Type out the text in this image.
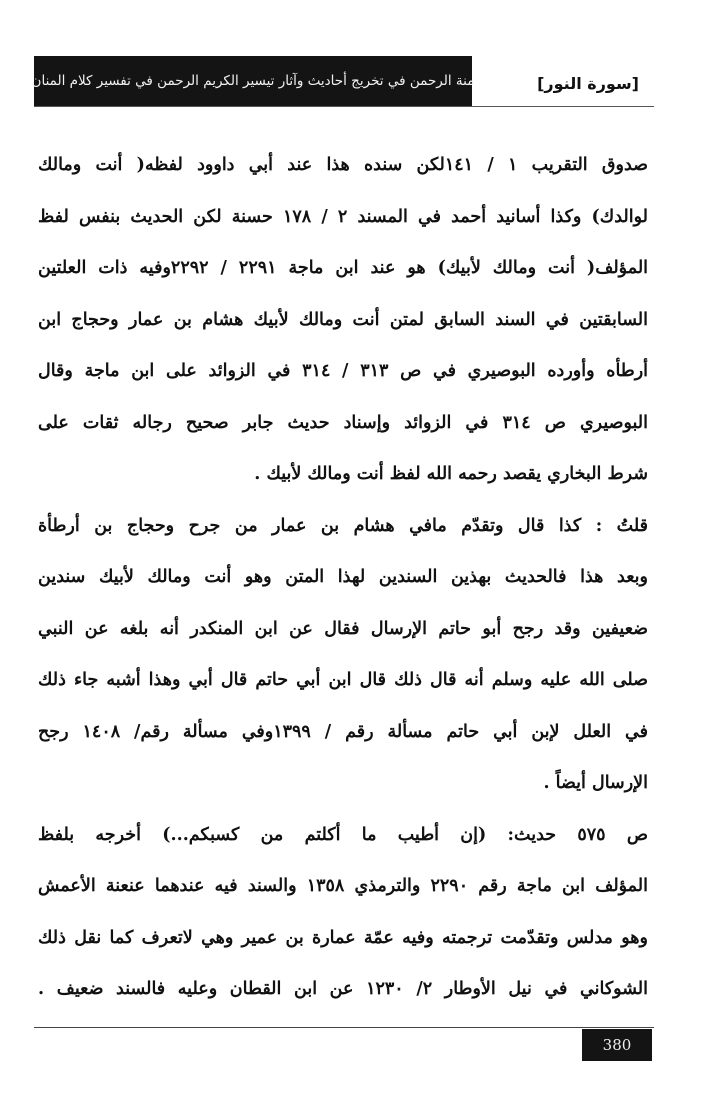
منة الرحمن في تخريج أحاديث وآثار تيسير الكريم الرحمن في تفسير كلام المنان	[سورة النور]
صدوق التقريب ١ / ١٤١لكن سنده هذا عند أبي داوود لفظه( أنت ومالك
لوالدك) وكذا أسانيد أحمد في المسند ٢ / ١٧٨ حسنة لكن الحديث بنفس لفظ
المؤلف( أنت ومالك لأبيك) هو عند ابن ماجة ٢٢٩١ / ٢٢٩٢وفيه ذات العلتين
السابقتين في السند السابق لمتن أنت ومالك لأبيك هشام بن عمار وحجاج ابن
أرطأه وأورده البوصيري في ص ٣١٣ / ٣١٤ في الزوائد على ابن ماجة وقال
البوصيري ص ٣١٤ في الزوائد وإسناد حديث جابر صحيح رجاله ثقات على
شرط البخاري يقصد رحمه الله لفظ أنت ومالك لأبيك .
قلتُ : كذا قال وتقدّم مافي هشام بن عمار من جرح وحجاج بن أرطأة
وبعد هذا فالحديث بهذين السندين لهذا المتن وهو أنت ومالك لأبيك سندين
ضعيفين وقد رجح أبو حاتم الإرسال فقال عن ابن المنكدر أنه بلغه عن النبي
صلى الله عليه وسلم أنه قال ذلك قال ابن أبي حاتم قال أبي وهذا أشبه جاء ذلك
في العلل لإبن أبي حاتم مسألة رقم / ١٣٩٩وفي مسألة رقم/ ١٤٠٨ رجح
الإرسال أيضاً .
ص ٥٧٥ حديث: (إن أطيب ما أكلتم من كسبكم...) أخرجه بلفظ
المؤلف ابن ماجة رقم ٢٢٩٠ والترمذي ١٣٥٨ والسند فيه عندهما عنعنة الأعمش
وهو مدلس وتقدّمت ترجمته وفيه عمّة عمارة بن عمير وهي لاتعرف كما نقل ذلك
الشوكاني في نيل الأوطار ٢/ ١٢٣٠ عن ابن القطان وعليه فالسند ضعيف .
380
